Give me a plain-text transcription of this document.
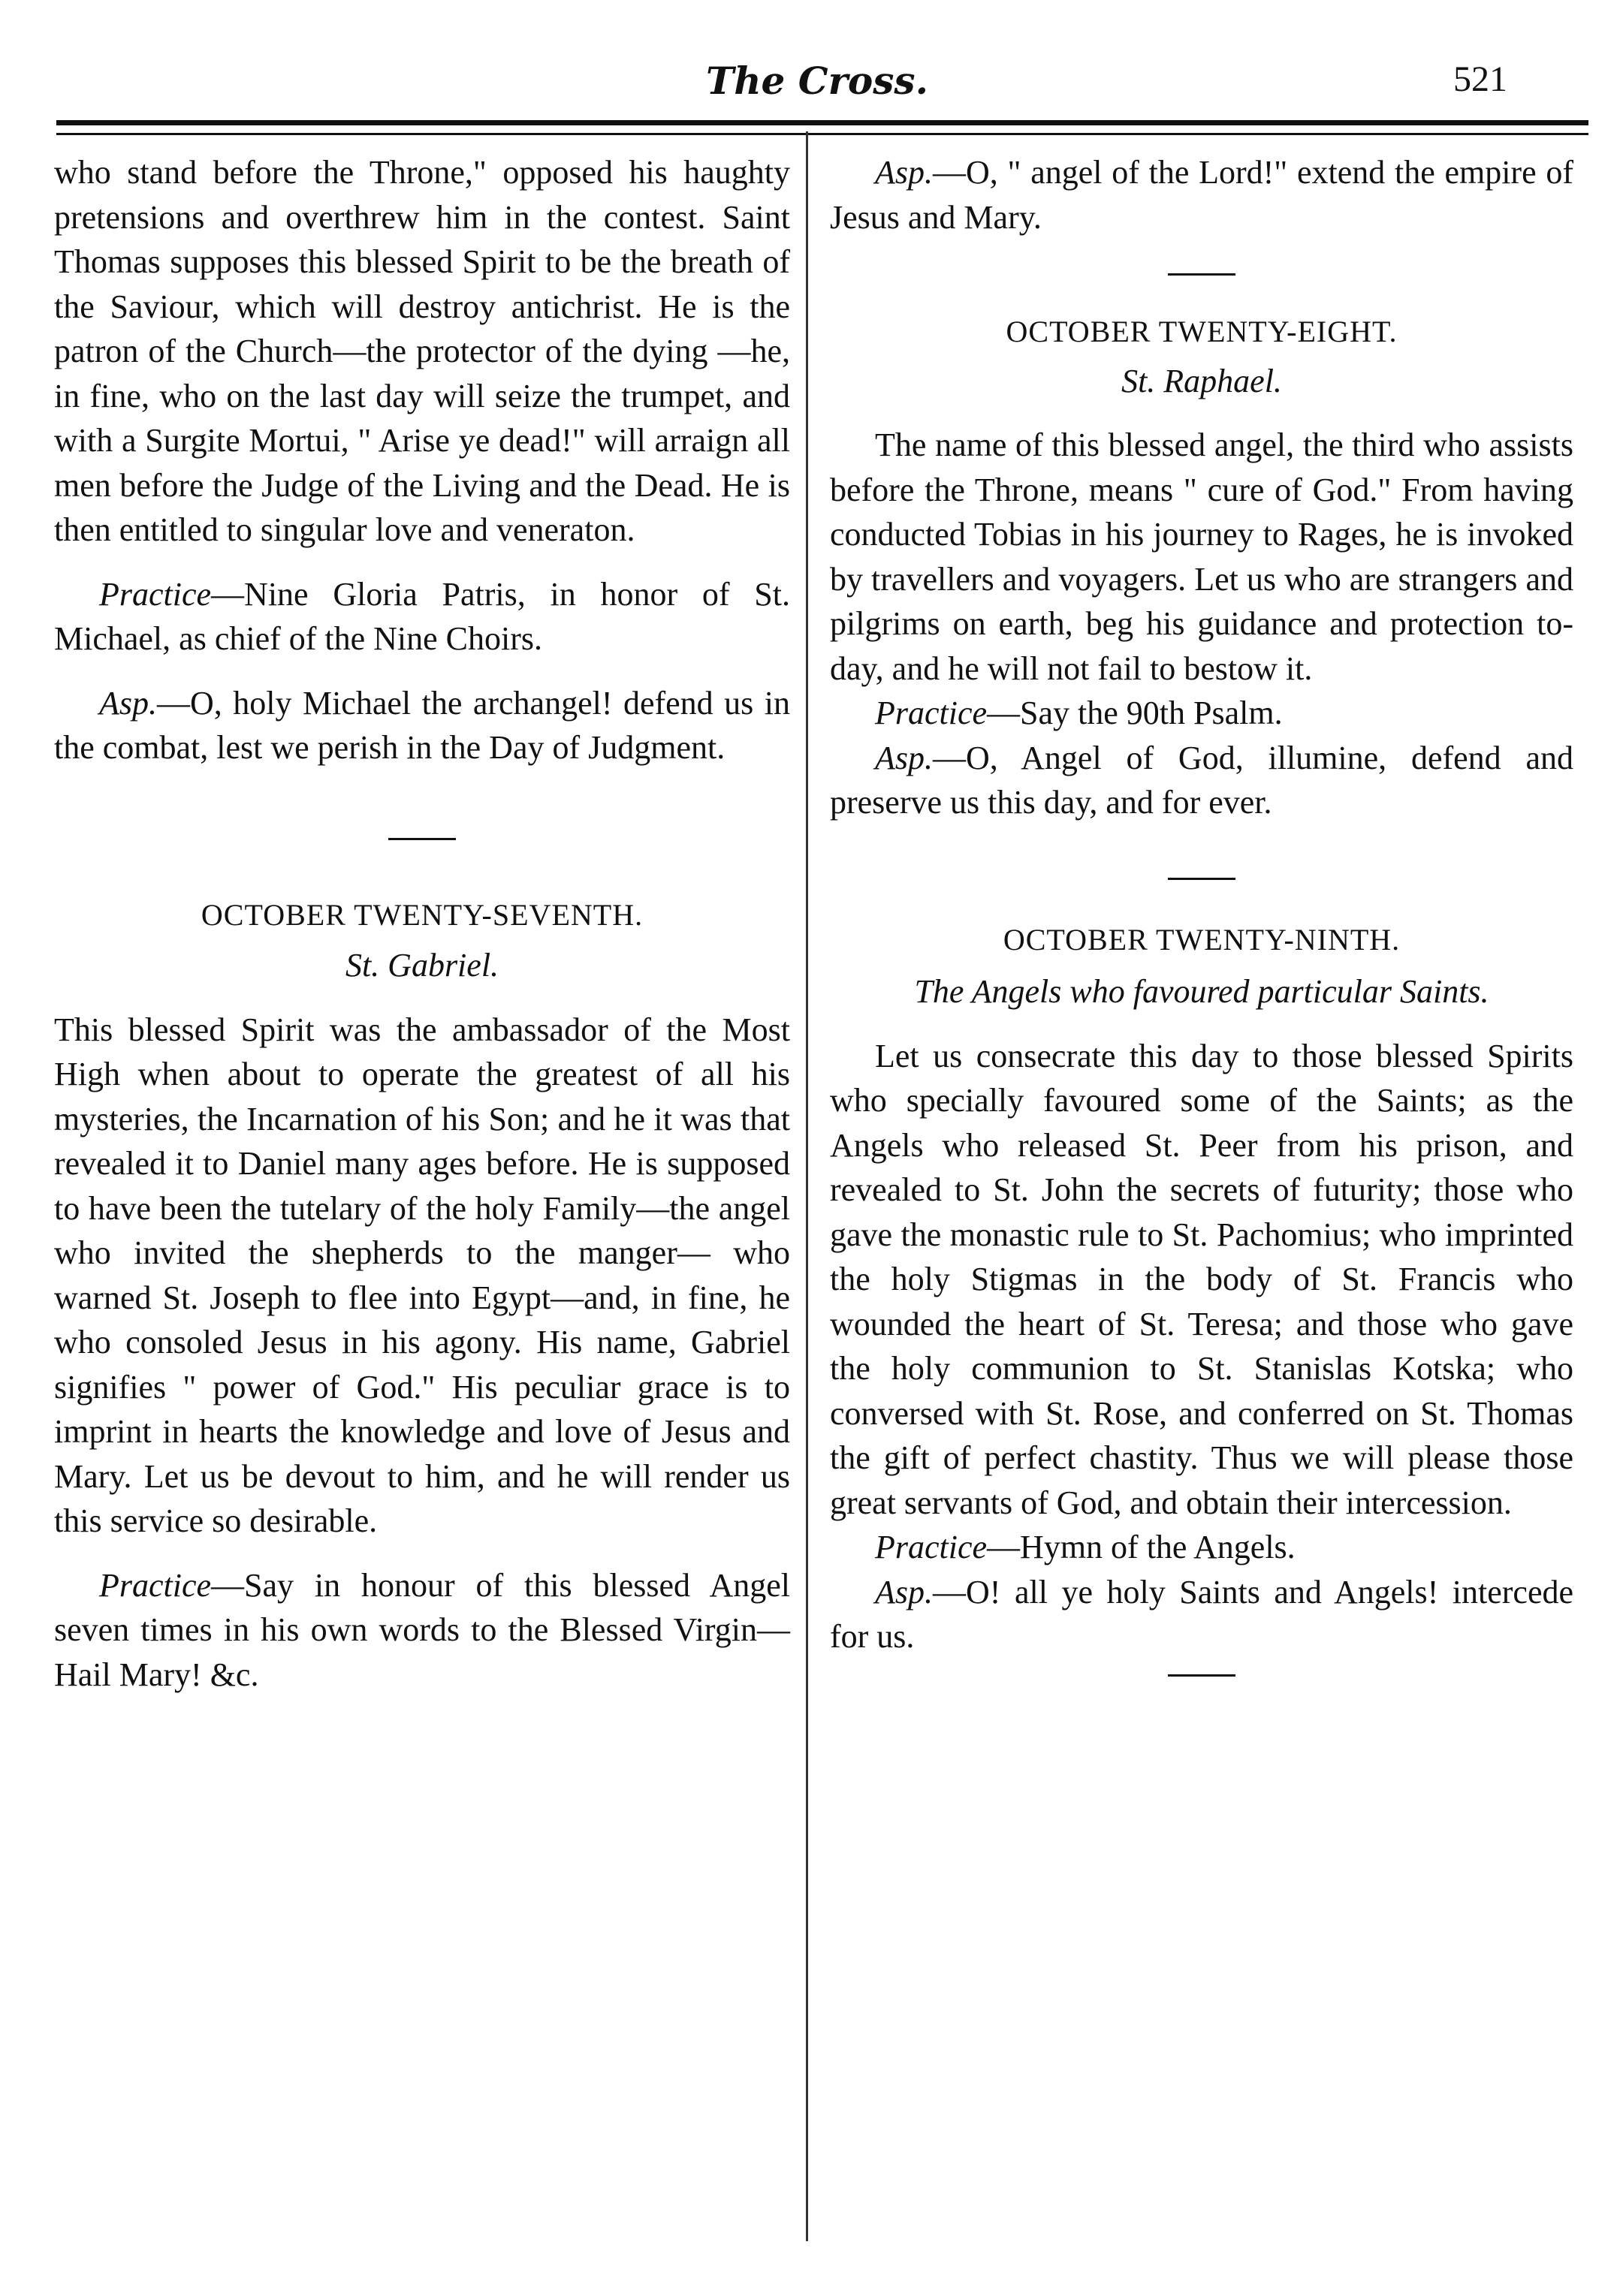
The Cross.	521

who stand before the Throne," opposed his haughty pretensions and overthrew him in the contest. Saint Thomas supposes this blessed Spirit to be the breath of the Saviour, which will destroy antichrist. He is the patron of the Church—the protector of the dying —he, in fine, who on the last day will seize the trumpet, and with a Surgite Mortui, " Arise ye dead!" will arraign all men before the Judge of the Living and the Dead. He is then entitled to singular love and veneraton.

Practice—Nine Gloria Patris, in honor of St. Michael, as chief of the Nine Choirs.

Asp.—O, holy Michael the archangel! defend us in the combat, lest we perish in the Day of Judgment.

OCTOBER TWENTY-SEVENTH.

St. Gabriel.

This blessed Spirit was the ambassador of the Most High when about to operate the greatest of all his mysteries, the Incarnation of his Son; and he it was that revealed it to Daniel many ages before. He is supposed to have been the tutelary of the holy Family—the angel who invited the shepherds to the manger— who warned St. Joseph to flee into Egypt—and, in fine, he who consoled Jesus in his agony. His name, Gabriel signifies " power of God." His peculiar grace is to imprint in hearts the knowledge and love of Jesus and Mary. Let us be devout to him, and he will render us this service so desirable.

Practice—Say in honour of this blessed Angel seven times in his own words to the Blessed Virgin—Hail Mary! &c.

Asp.—O, " angel of the Lord!" extend the empire of Jesus and Mary.

OCTOBER TWENTY-EIGHT.

St. Raphael.

The name of this blessed angel, the third who assists before the Throne, means " cure of God." From having conducted Tobias in his journey to Rages, he is invoked by travellers and voyagers. Let us who are strangers and pilgrims on earth, beg his guidance and protection to-day, and he will not fail to bestow it.

Practice—Say the 90th Psalm.

Asp.—O, Angel of God, illumine, defend and preserve us this day, and for ever.

OCTOBER TWENTY-NINTH.

The Angels who favoured particular Saints.

Let us consecrate this day to those blessed Spirits who specially favoured some of the Saints; as the Angels who released St. Peer from his prison, and revealed to St. John the secrets of futurity; those who gave the monastic rule to St. Pachomius; who imprinted the holy Stigmas in the body of St. Francis who wounded the heart of St. Teresa; and those who gave the holy communion to St. Stanislas Kotska; who conversed with St. Rose, and conferred on St. Thomas the gift of perfect chastity. Thus we will please those great servants of God, and obtain their intercession.

Practice—Hymn of the Angels.

Asp.—O! all ye holy Saints and Angels! intercede for us.
